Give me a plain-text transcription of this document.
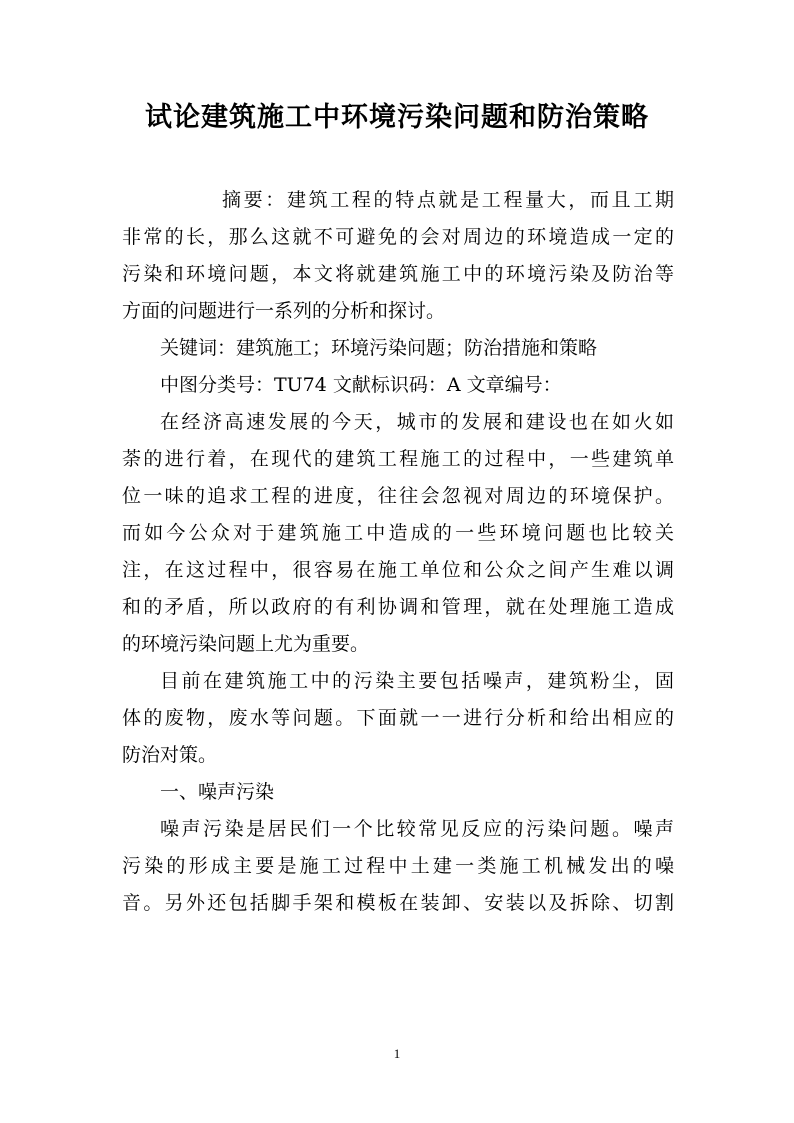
试论建筑施工中环境污染问题和防治策略
摘要：建筑工程的特点就是工程量大，而且工期
非常的长，那么这就不可避免的会对周边的环境造成一定的
污染和环境问题，本文将就建筑施工中的环境污染及防治等
方面的问题进行一系列的分析和探讨。
关键词：建筑施工；环境污染问题；防治措施和策略
中图分类号：TU74 文献标识码：A 文章编号：
在经济高速发展的今天，城市的发展和建设也在如火如
荼的进行着，在现代的建筑工程施工的过程中，一些建筑单
位一味的追求工程的进度，往往会忽视对周边的环境保护。
而如今公众对于建筑施工中造成的一些环境问题也比较关
注，在这过程中，很容易在施工单位和公众之间产生难以调
和的矛盾，所以政府的有利协调和管理，就在处理施工造成
的环境污染问题上尤为重要。
目前在建筑施工中的污染主要包括噪声，建筑粉尘，固
体的废物，废水等问题。下面就一一进行分析和给出相应的
防治对策。
一、噪声污染
噪声污染是居民们一个比较常见反应的污染问题。噪声
污染的形成主要是施工过程中土建一类施工机械发出的噪
音。另外还包括脚手架和模板在装卸、安装以及拆除、切割
1
